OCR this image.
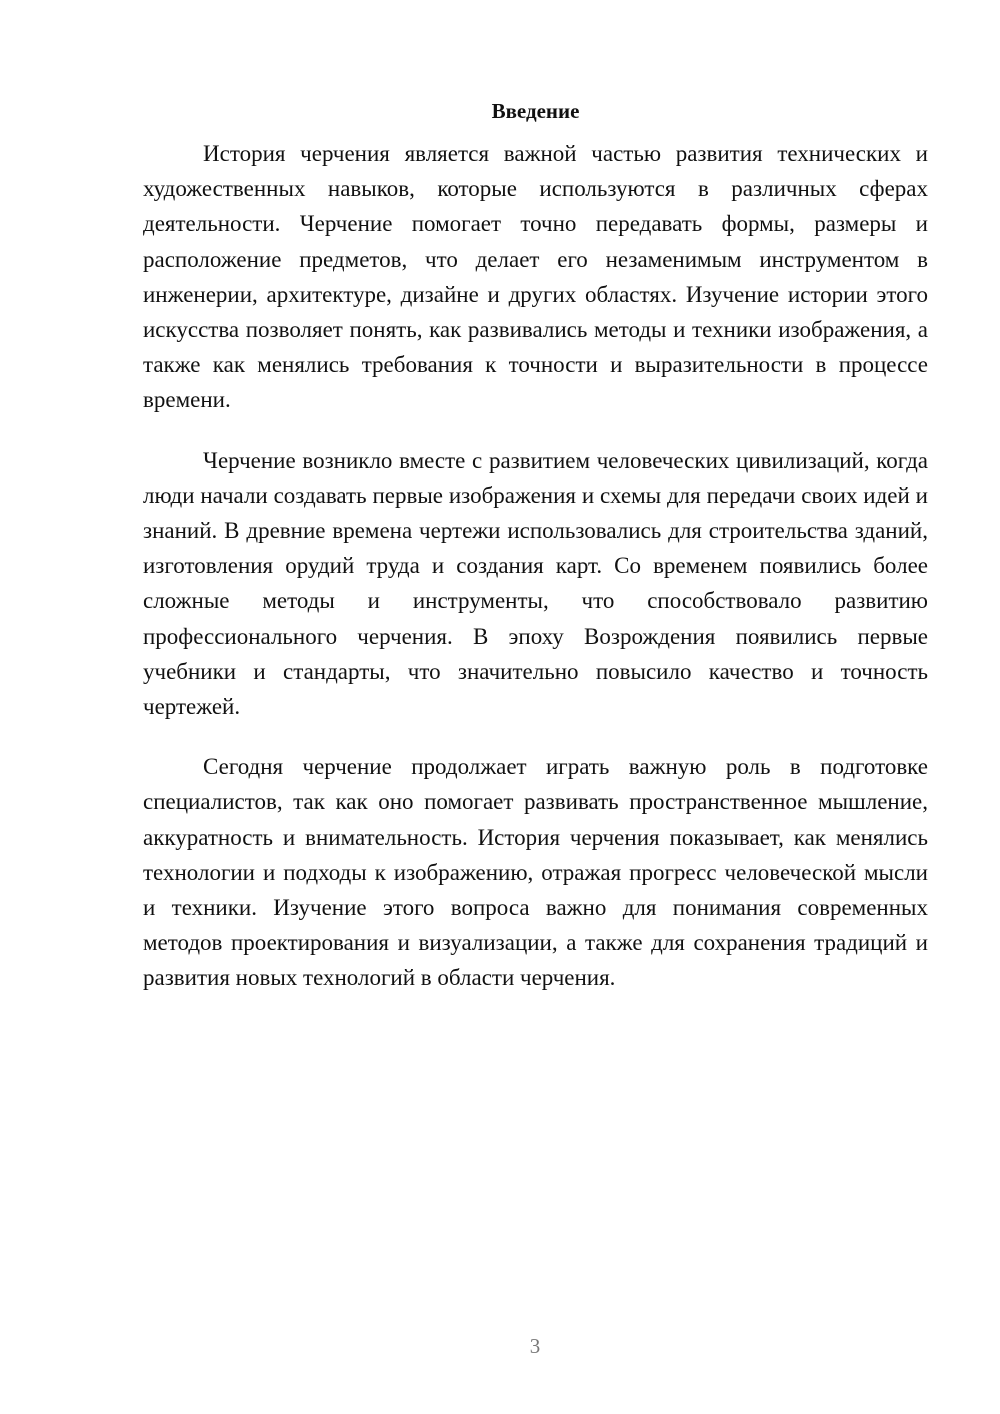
Введение

История черчения является важной частью развития технических и художественных навыков, которые используются в различных сферах деятельности. Черчение помогает точно передавать формы, размеры и расположение предметов, что делает его незаменимым инструментом в инженерии, архитектуре, дизайне и других областях. Изучение истории этого искусства позволяет понять, как развивались методы и техники изображения, а также как менялись требования к точности и выразительности в процессе времени.

Черчение возникло вместе с развитием человеческих цивилизаций, когда люди начали создавать первые изображения и схемы для передачи своих идей и знаний. В древние времена чертежи использовались для строительства зданий, изготовления орудий труда и создания карт. Со временем появились более сложные методы и инструменты, что способствовало развитию профессионального черчения. В эпоху Возрождения появились первые учебники и стандарты, что значительно повысило качество и точность чертежей.

Сегодня черчение продолжает играть важную роль в подготовке специалистов, так как оно помогает развивать пространственное мышление, аккуратность и внимательность. История черчения показывает, как менялись технологии и подходы к изображению, отражая прогресс человеческой мысли и техники. Изучение этого вопроса важно для понимания современных методов проектирования и визуализации, а также для сохранения традиций и развития новых технологий в области черчения.

3
